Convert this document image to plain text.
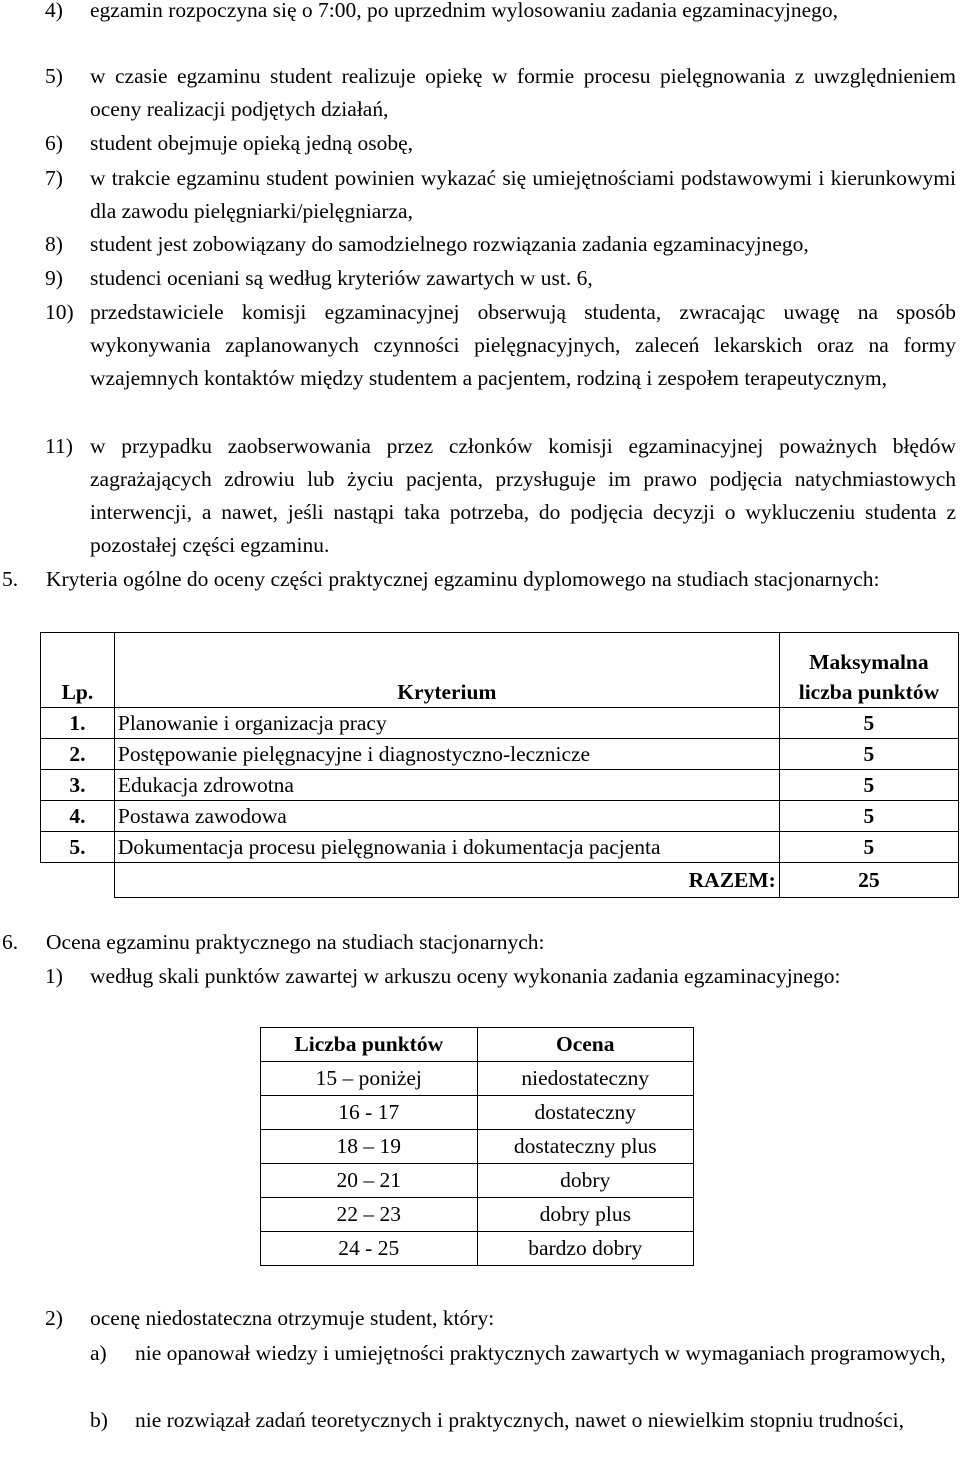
4) egzamin rozpoczyna się o 7:00, po uprzednim wylosowaniu zadania egzaminacyjnego,
5) w czasie egzaminu student realizuje opiekę w formie procesu pielęgnowania z uwzględnieniem oceny realizacji podjętych działań,
6) student obejmuje opieką jedną osobę,
7) w trakcie egzaminu student powinien wykazać się umiejętnościami podstawowymi i kierunkowymi dla zawodu pielęgniarki/pielęgniarza,
8) student jest zobowiązany do samodzielnego rozwiązania zadania egzaminacyjnego,
9) studenci oceniani są według kryteriów zawartych w ust. 6,
10) przedstawiciele komisji egzaminacyjnej obserwują studenta, zwracając uwagę na sposób wykonywania zaplanowanych czynności pielęgnacyjnych, zaleceń lekarskich oraz na formy wzajemnych kontaktów między studentem a pacjentem, rodziną i zespołem terapeutycznym,
11) w przypadku zaobserwowania przez członków komisji egzaminacyjnej poważnych błędów zagrażających zdrowiu lub życiu pacjenta, przysługuje im prawo podjęcia natychmiastowych interwencji, a nawet, jeśli nastąpi taka potrzeba, do podjęcia decyzji o wykluczeniu studenta z pozostałej części egzaminu.
5. Kryteria ogólne do oceny części praktycznej egzaminu dyplomowego na studiach stacjonarnych:
Lp.	Kryterium	Maksymalna
liczba punktów

1.	Planowanie i organizacja pracy	5
2.	Postępowanie pielęgnacyjne i diagnostyczno-lecznicze	5
3.	Edukacja zdrowotna	5
4.	Postawa zawodowa	5
5.	Dokumentacja procesu pielęgnowania i dokumentacja pacjenta	5
	RAZEM:	25
6. Ocena egzaminu praktycznego na studiach stacjonarnych:
1) według skali punktów zawartej w arkuszu oceny wykonania zadania egzaminacyjnego:
Liczba punktów	Ocena
15 – poniżej	niedostateczny
16 - 17	dostateczny
18 – 19	dostateczny plus
20 – 21	dobry
22 – 23	dobry plus
24 - 25	bardzo dobry
2) ocenę niedostateczna otrzymuje student, który:
a) nie opanował wiedzy i umiejętności praktycznych zawartych w wymaganiach programowych,
b) nie rozwiązał zadań teoretycznych i praktycznych, nawet o niewielkim stopniu trudności,
